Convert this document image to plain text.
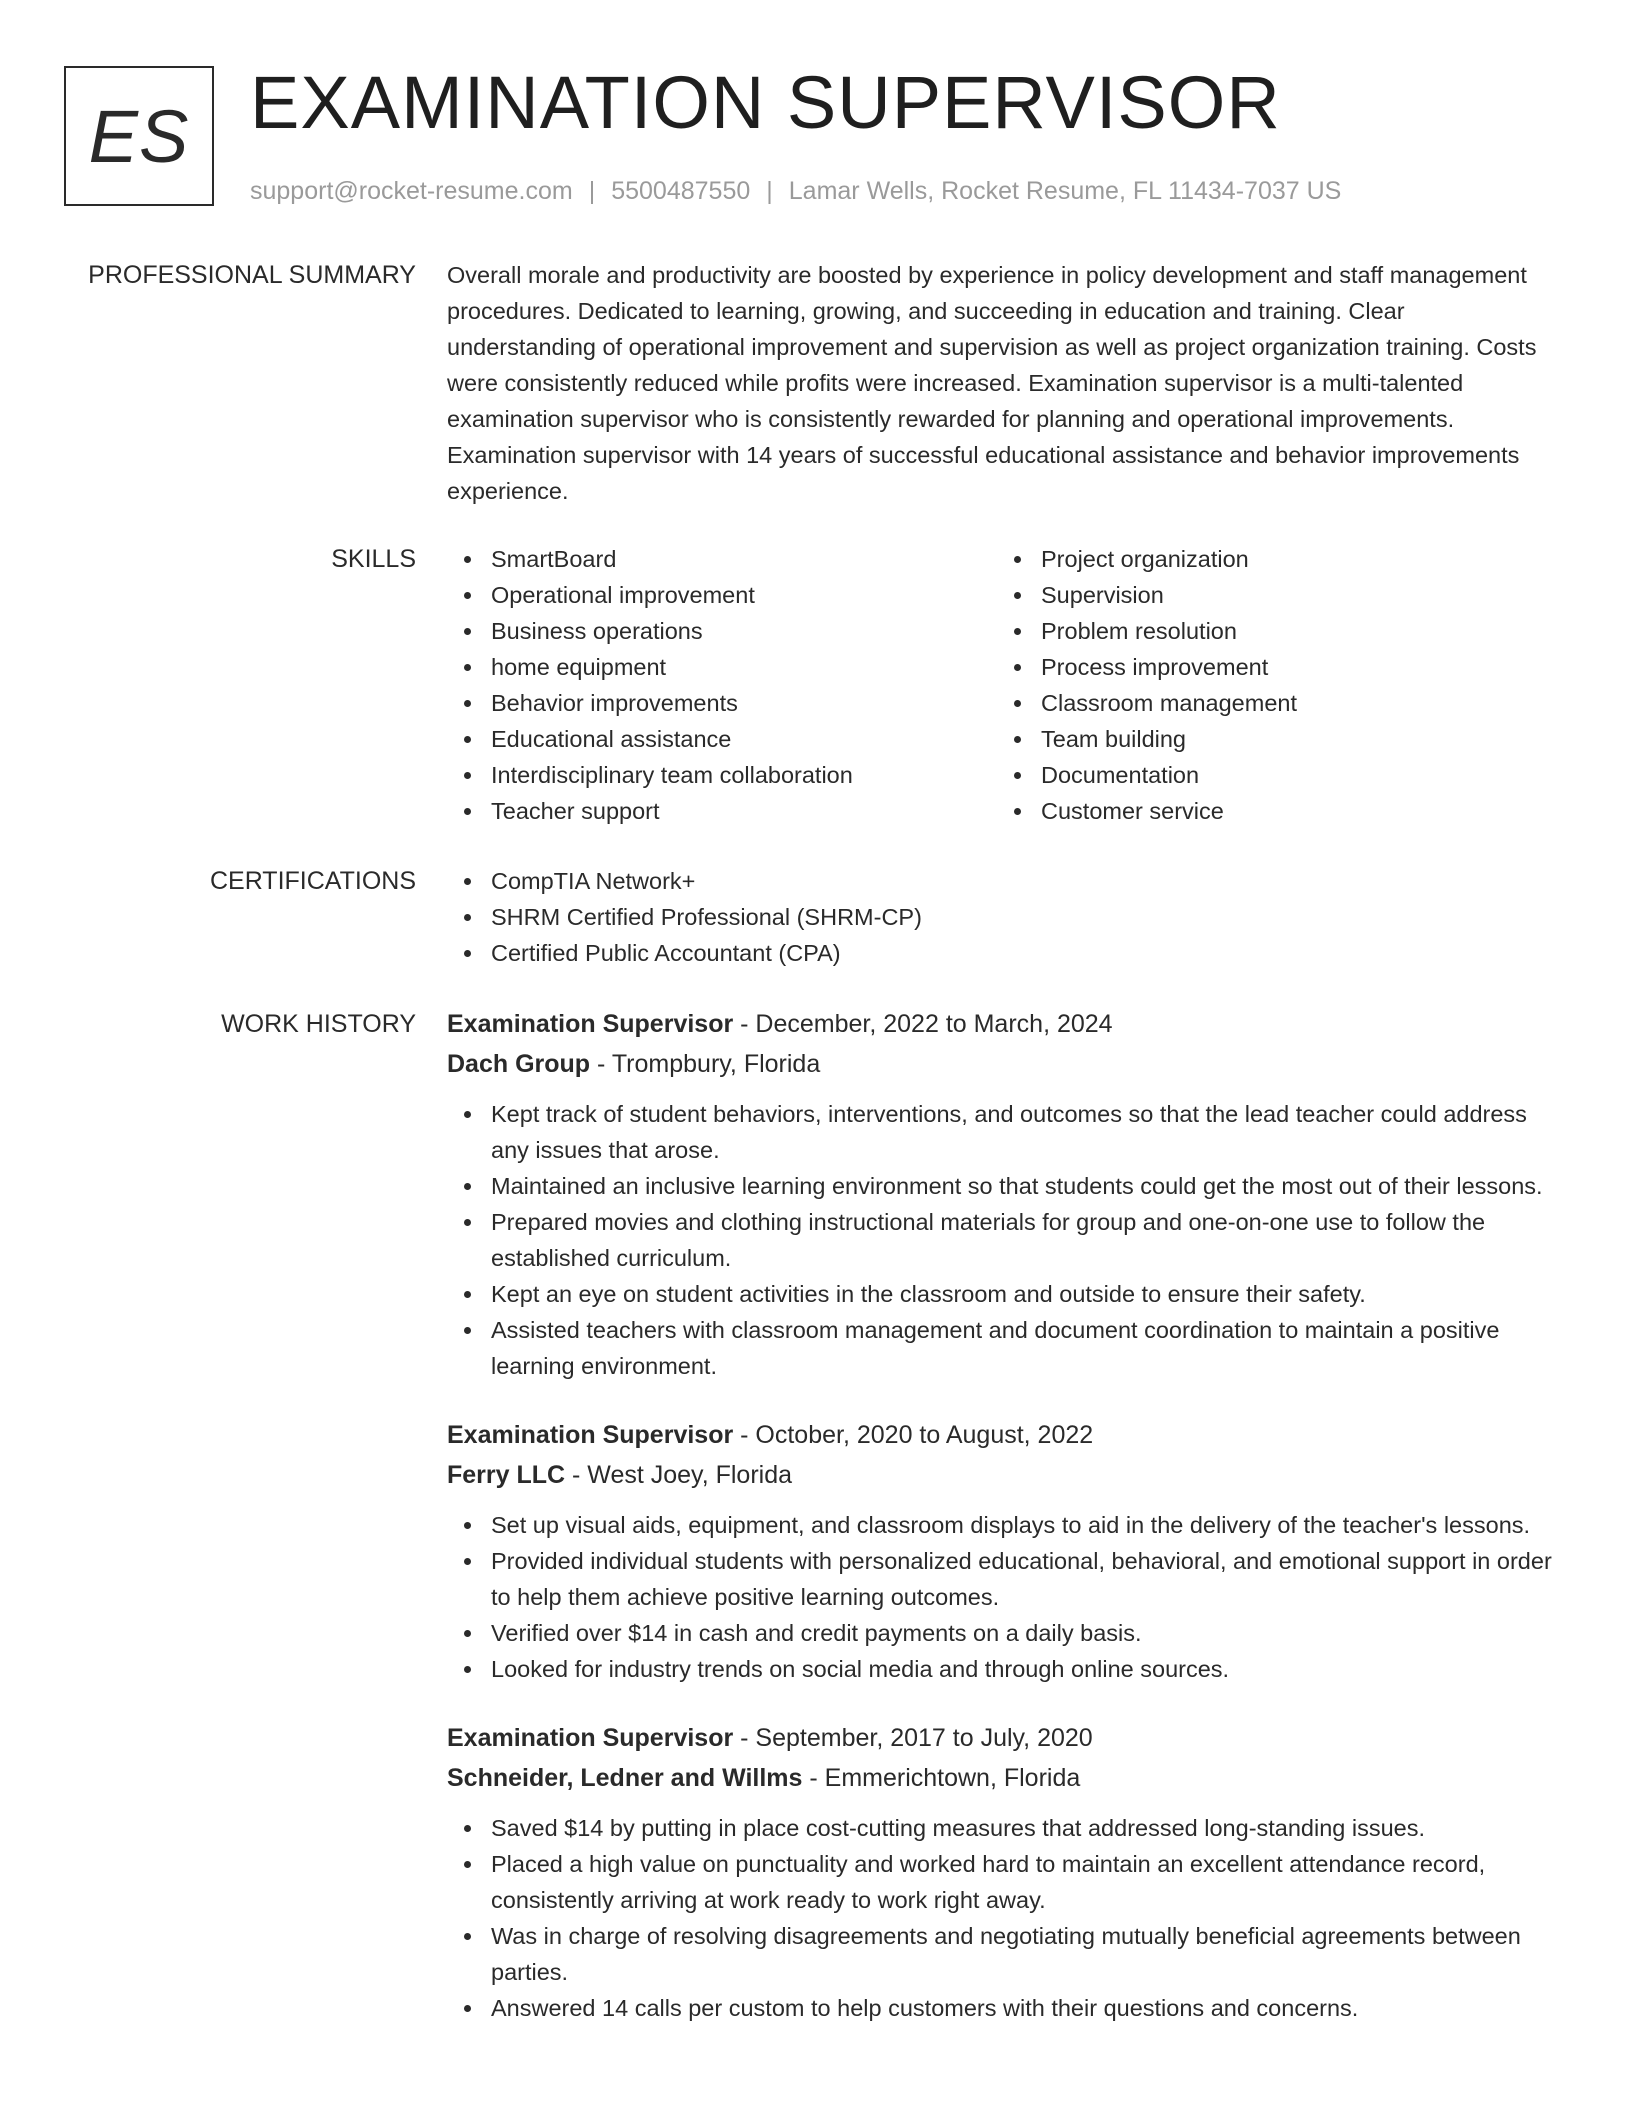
ES EXAMINATION SUPERVISOR
support@rocket-resume.com | 5500487550 | Lamar Wells, Rocket Resume, FL 11434-7037 US
PROFESSIONAL SUMMARY Overall morale and productivity are boosted by experience in policy development and staff management procedures. Dedicated to learning, growing, and succeeding in education and training. Clear understanding of operational improvement and supervision as well as project organization training. Costs were consistently reduced while profits were increased. Examination supervisor is a multi-talented examination supervisor who is consistently rewarded for planning and operational improvements. Examination supervisor with 14 years of successful educational assistance and behavior improvements experience.

SKILLS	SmartBoard
Operational improvement
Business operations
home equipment
Behavior improvements
Educational assistance
Interdisciplinary team collaboration
Teacher support
Project organization
Supervision
Problem resolution
Process improvement
Classroom management
Team building
Documentation
Customer service
CERTIFICATIONS	CompTIA Network+
SHRM Certified Professional (SHRM-CP)
Certified Public Accountant (CPA)
WORK HISTORY Examination Supervisor - December, 2022 to March, 2024
Dach Group - Trompbury, Florida
Kept track of student behaviors, interventions, and outcomes so that the lead teacher could address any issues that arose.
Maintained an inclusive learning environment so that students could get the most out of their lessons.
Prepared movies and clothing instructional materials for group and one-on-one use to follow the established curriculum.
Kept an eye on student activities in the classroom and outside to ensure their safety.
Assisted teachers with classroom management and document coordination to maintain a positive learning environment.
Examination Supervisor - October, 2020 to August, 2022
Ferry LLC - West Joey, Florida
Set up visual aids, equipment, and classroom displays to aid in the delivery of the teacher's lessons.
Provided individual students with personalized educational, behavioral, and emotional support in order to help them achieve positive learning outcomes.
Verified over $14 in cash and credit payments on a daily basis.
Looked for industry trends on social media and through online sources.
Examination Supervisor - September, 2017 to July, 2020
Schneider, Ledner and Willms - Emmerichtown, Florida
Saved $14 by putting in place cost-cutting measures that addressed long-standing issues.
Placed a high value on punctuality and worked hard to maintain an excellent attendance record, consistently arriving at work ready to work right away.
Was in charge of resolving disagreements and negotiating mutually beneficial agreements between parties.
Answered 14 calls per custom to help customers with their questions and concerns.
